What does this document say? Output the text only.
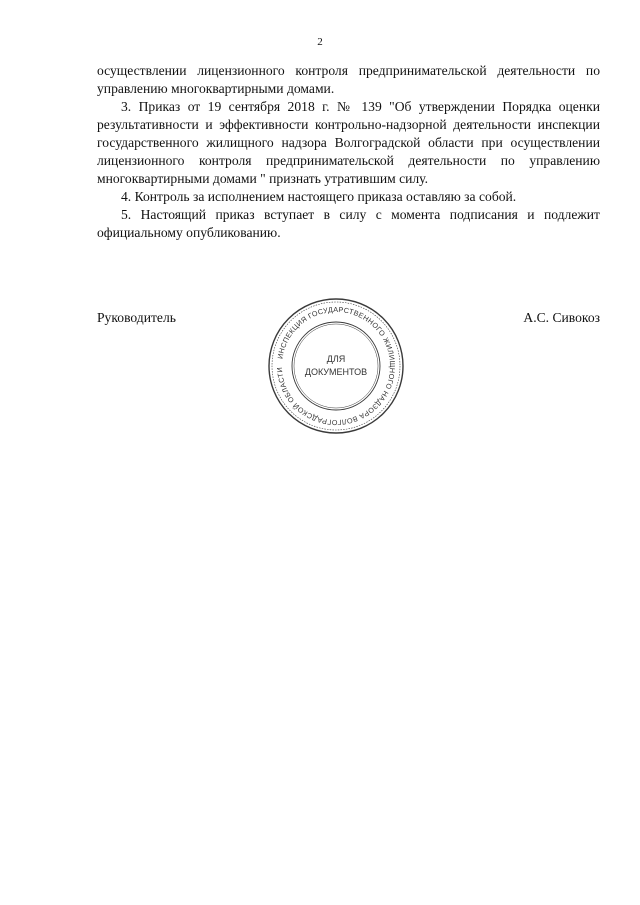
2

осуществлении лицензионного контроля предпринимательской деятельности по управлению многоквартирными домами.

3. Приказ от 19 сентября 2018 г. № 139 "Об утверждении Порядка оценки результативности и эффективности контрольно-надзорной деятельности инспекции государственного жилищного надзора Волгоградской области при осуществлении лицензионного контроля предпринимательской деятельности по управлению многоквартирными домами " признать утратившим силу.

4. Контроль за исполнением настоящего приказа оставляю за собой.

5. Настоящий приказ вступает в силу с момента подписания и подлежит официальному опубликованию.

Руководитель	А.С. Сивокоз
ИНСПЕКЦИЯ ГОСУДАРСТВЕННОГО ЖИЛИЩНОГО НАДЗОРА ВОЛГОГРАДСКОЙ ОБЛАСТИ
ДЛЯ
ДОКУМЕНТОВ
